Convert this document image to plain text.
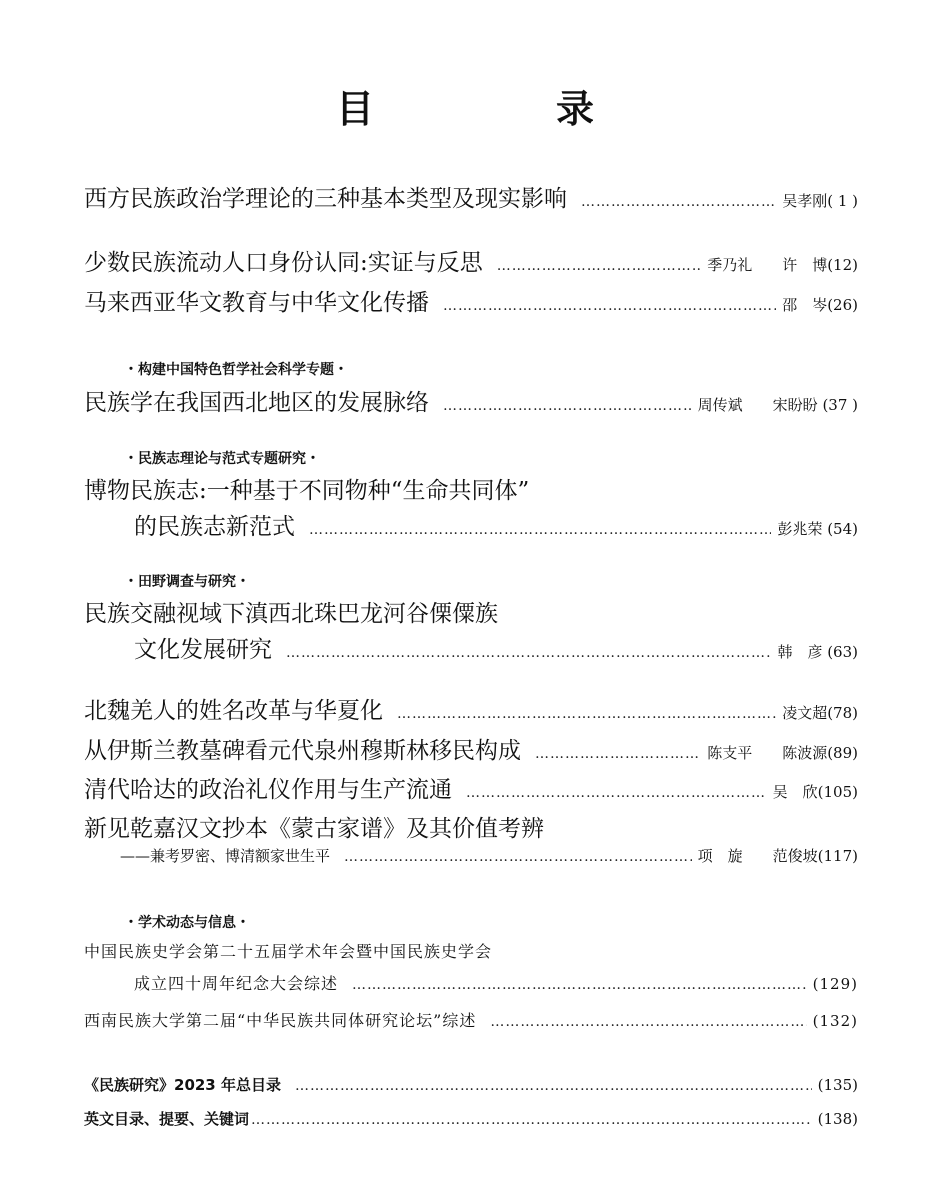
目　录
西方民族政治学理论的三种基本类型及现实影响 …………………………………………………………………………………………………………………………………………………………………	吴孝刚( 1 )
少数民族流动人口身份认同:实证与反思 …………………………………………………………………………………………………………………………………………………………………	季乃礼　　许　博(12)
马来西亚华文教育与中华文化传播 …………………………………………………………………………………………………………………………………………………………………	邵　岑(26)
・构建中国特色哲学社会科学专题・
民族学在我国西北地区的发展脉络 …………………………………………………………………………………………………………………………………………………………………	周传斌　　宋盼盼 (37 )
・民族志理论与范式专题研究・
博物民族志:一种基于不同物种“生命共同体”
的民族志新范式 …………………………………………………………………………………………………………………………………………………………………	彭兆荣 (54)
・田野调查与研究・
民族交融视域下滇西北珠巴龙河谷傈僳族
文化发展研究 …………………………………………………………………………………………………………………………………………………………………	韩　彦 (63)
北魏羌人的姓名改革与华夏化 …………………………………………………………………………………………………………………………………………………………………	凌文超(78)
从伊斯兰教墓碑看元代泉州穆斯林移民构成 …………………………………………………………………………………………………………………………………………………………………	陈支平　　陈波源(89)
清代哈达的政治礼仪作用与生产流通 …………………………………………………………………………………………………………………………………………………………………	吴　欣(105)
新见乾嘉汉文抄本《蒙古家谱》及其价值考辨
——兼考罗密、博清额家世生平 …………………………………………………………………………………………………………………………………………………………………	项　旋　　范俊坡(117)
・学术动态与信息・
中国民族史学会第二十五届学术年会暨中国民族史学会
成立四十周年纪念大会综述 …………………………………………………………………………………………………………………………………………………………………	(129)
西南民族大学第二届“中华民族共同体研究论坛”综述 …………………………………………………………………………………………………………………………………………………………………	(132)
《民族研究》2023 年总目录 …………………………………………………………………………………………………………………………………………………………………	(135)
英文目录、提要、关键词 …………………………………………………………………………………………………………………………………………………………………	(138)
